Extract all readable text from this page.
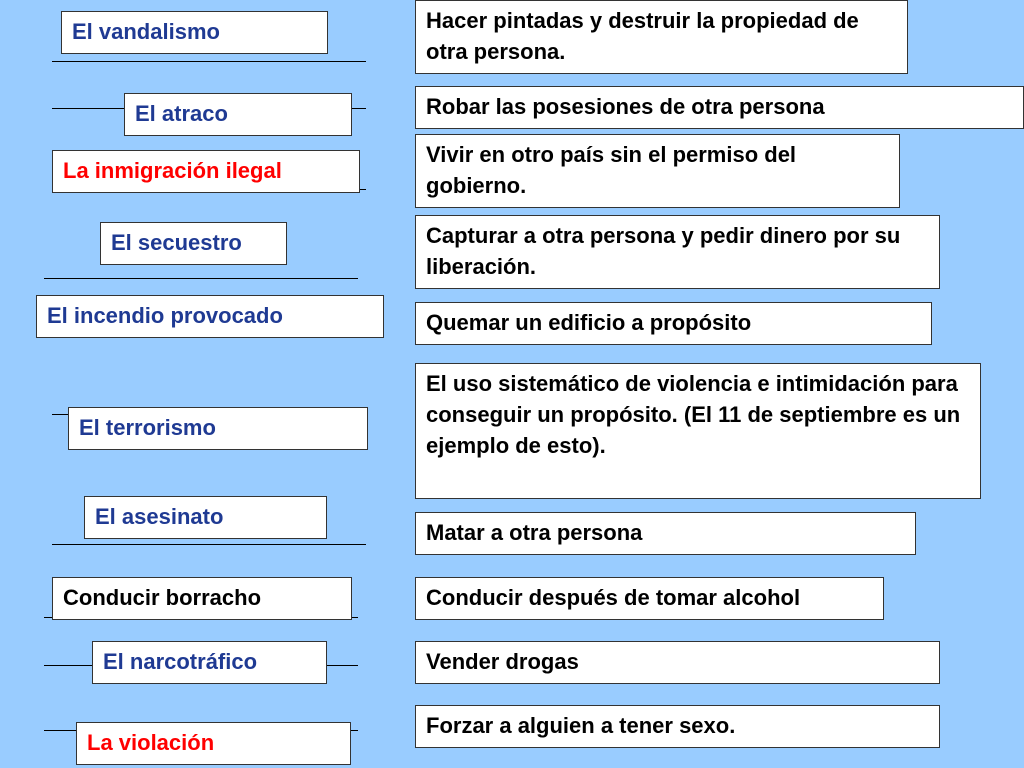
El vandalismo
El atraco
La inmigración ilegal
El secuestro
El incendio provocado
El terrorismo
El asesinato
Conducir borracho
El narcotráfico
La violación
Hacer pintadas y destruir la propiedad de otra persona.
Robar las posesiones de otra persona
Vivir en otro país sin el permiso del gobierno.
Capturar a otra persona y pedir dinero por su liberación.
Quemar un edificio a propósito
El uso sistemático de violencia e intimidación para conseguir un propósito. (El 11 de septiembre es un ejemplo de esto).
Matar a otra persona
Conducir después de tomar alcohol
Vender drogas
Forzar a alguien a tener sexo.
